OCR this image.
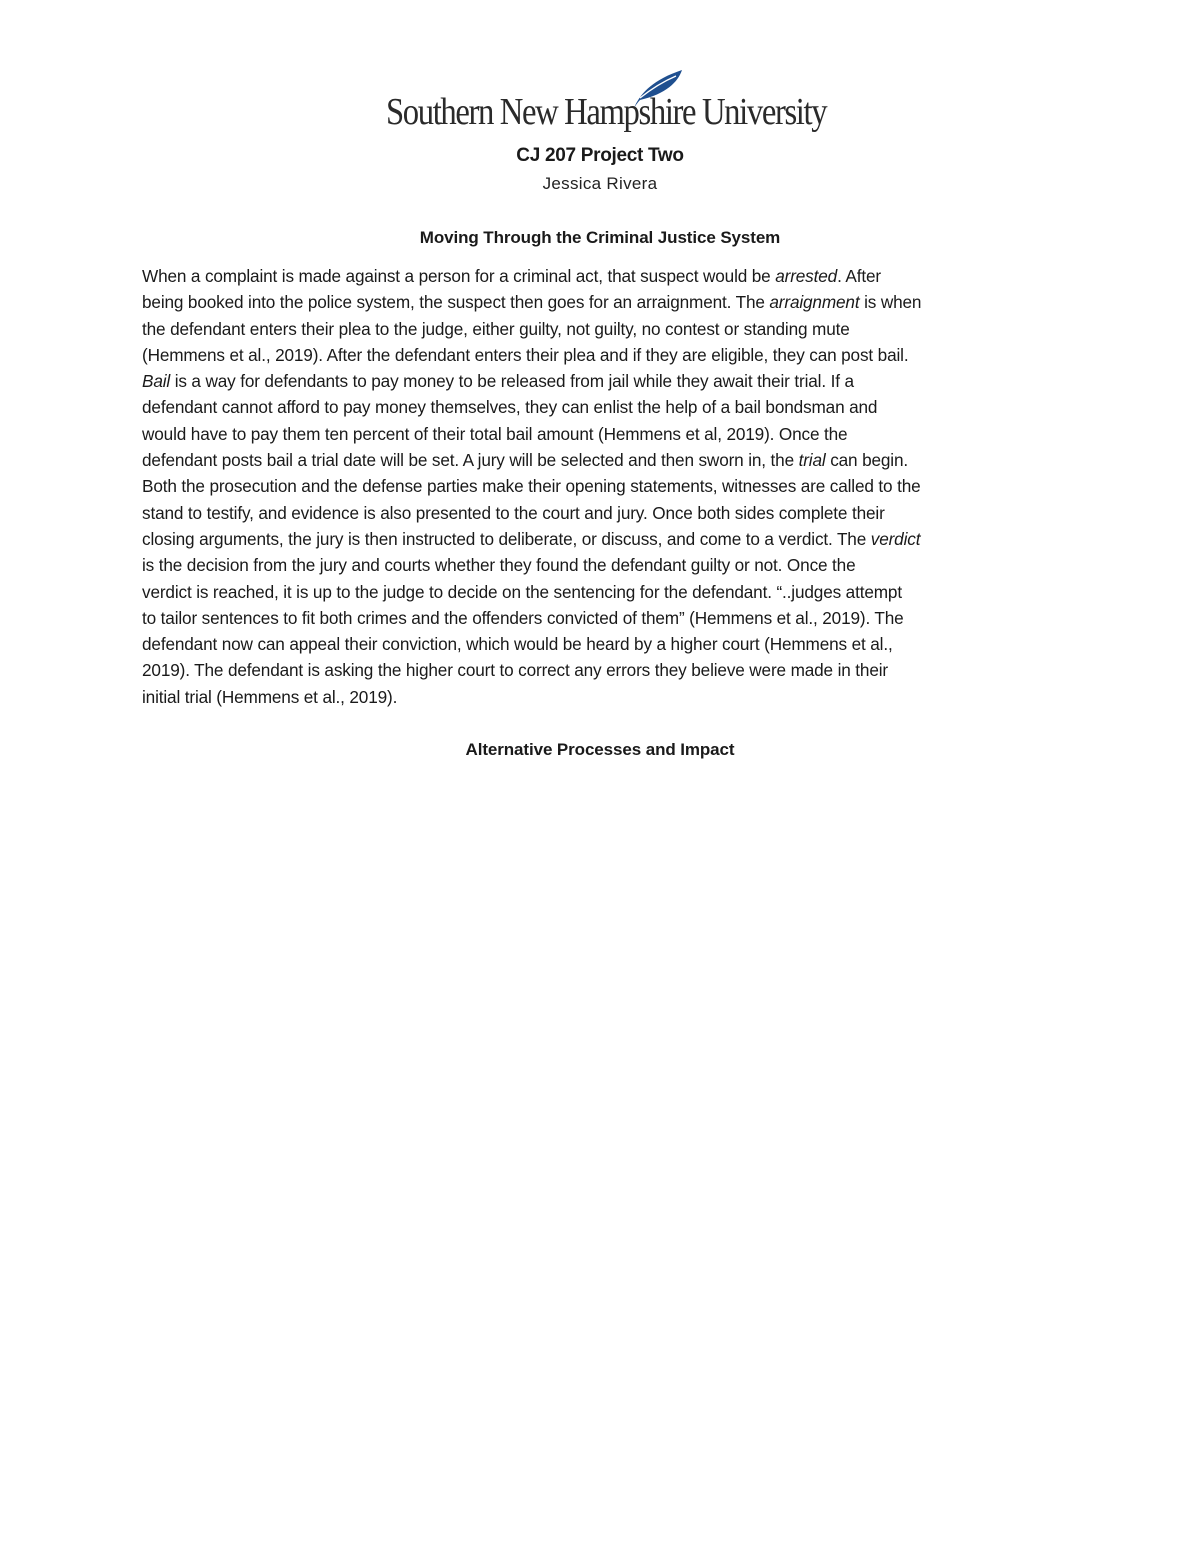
Southern New Hampshire University
CJ 207 Project Two
Jessica Rivera
Moving Through the Criminal Justice System
When a complaint is made against a person for a criminal act, that suspect would be arrested. After
being booked into the police system, the suspect then goes for an arraignment. The arraignment is when
the defendant enters their plea to the judge, either guilty, not guilty, no contest or standing mute
(Hemmens et al., 2019). After the defendant enters their plea and if they are eligible, they can post bail.
Bail is a way for defendants to pay money to be released from jail while they await their trial. If a
defendant cannot afford to pay money themselves, they can enlist the help of a bail bondsman and
would have to pay them ten percent of their total bail amount (Hemmens et al, 2019). Once the
defendant posts bail a trial date will be set. A jury will be selected and then sworn in, the trial can begin.
Both the prosecution and the defense parties make their opening statements, witnesses are called to the
stand to testify, and evidence is also presented to the court and jury. Once both sides complete their
closing arguments, the jury is then instructed to deliberate, or discuss, and come to a verdict. The verdict
is the decision from the jury and courts whether they found the defendant guilty or not. Once the
verdict is reached, it is up to the judge to decide on the sentencing for the defendant. “..judges attempt
to tailor sentences to fit both crimes and the offenders convicted of them” (Hemmens et al., 2019). The
defendant now can appeal their conviction, which would be heard by a higher court (Hemmens et al.,
2019). The defendant is asking the higher court to correct any errors they believe were made in their
initial trial (Hemmens et al., 2019).
Alternative Processes and Impact
